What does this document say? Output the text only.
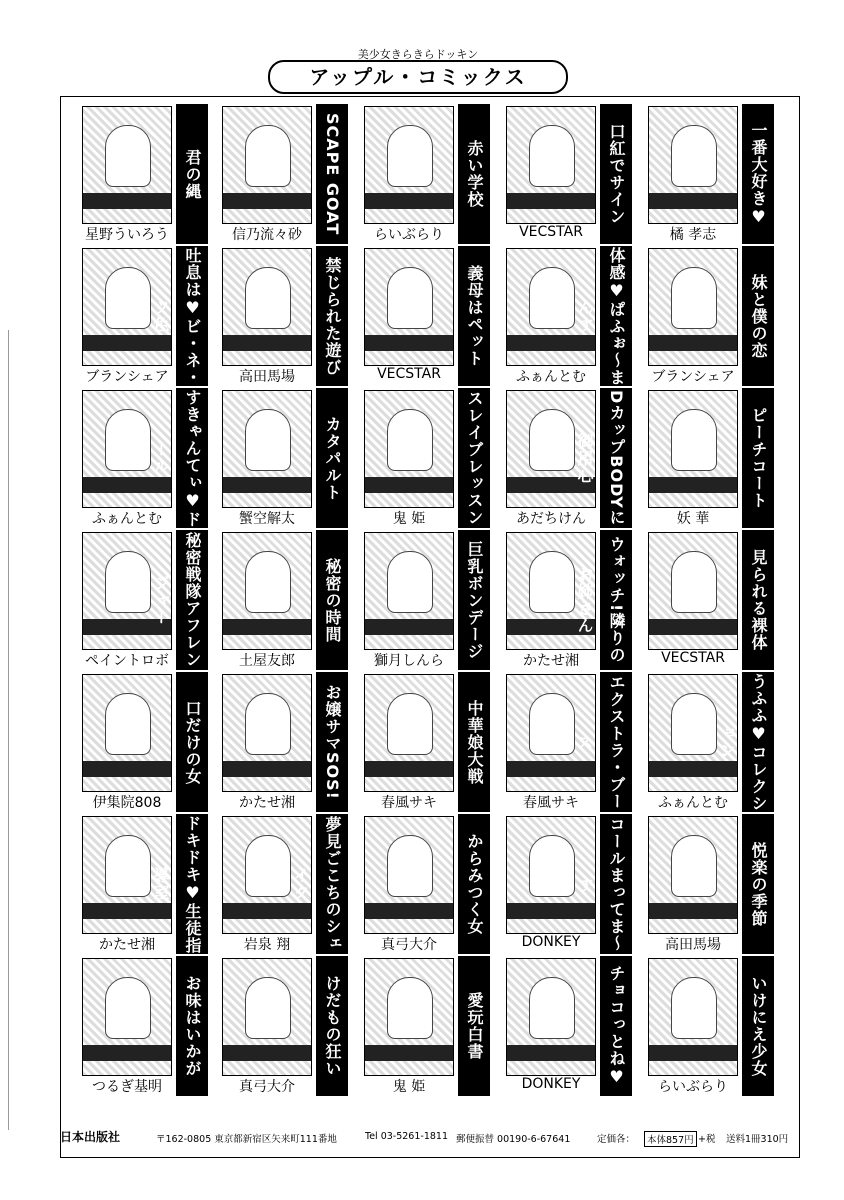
美少女きらきらドッキン
アップル・コミックス
橘 孝志
一番大好き♥
VECSTAR
口紅でサイン
らいぶらり
赤い学校
信乃流々砂	SCAPE GOAT
星野ういろう
君の縄
ブランシェア
妹と僕の恋
ふぁんとむ	体感♥ぱふぉ～まんす
VECSTAR
義母はペット
高田馬場
禁じられた遊び
ブランシェア 吐息は♥ビ・ネ・ツ色
妖 華
ピーチコート
あだちけん	DカップBODYに御用心
鬼 姫	スレイブレッスン
蟹空解太
カタパルト
ふぁんとむ	すきゃんてぃ♥ドール
VECSTAR
見られる裸体
かたせ湘	ウォッチ!隣りのお姉さん
獅月しんら
巨乳ボンデージ
土屋友郎
秘密の時間
ペイントロボ 秘密戦隊アフレンジャー
ふぁんとむ	うふふ♥コレクション
春風サキ	エクストラ・ブース
春風サキ
中華娘大戦
かたせ湘
お嬢サマSOS!
伊集院808
口だけの女
高田馬場
悦楽の季節
DONKEY	コールまってま～す
真弓大介
からみつく女
岩泉 翔	夢見ごこちのシェイク
かたせ湘	ドキドキ♥生徒指導室
らいぶらり
いけにえ少女
DONKEY	チョコっとね♥
鬼 姫
愛玩白書
真弓大介
けだもの狂い
つるぎ基明
お味はいかが
日本出版社	〒162-0805 東京都新宿区矢来町111番地	Tel 03-5261-1811 郵便振替 00190-6-67641	定価各：	本体857円 +税 送料1冊310円
